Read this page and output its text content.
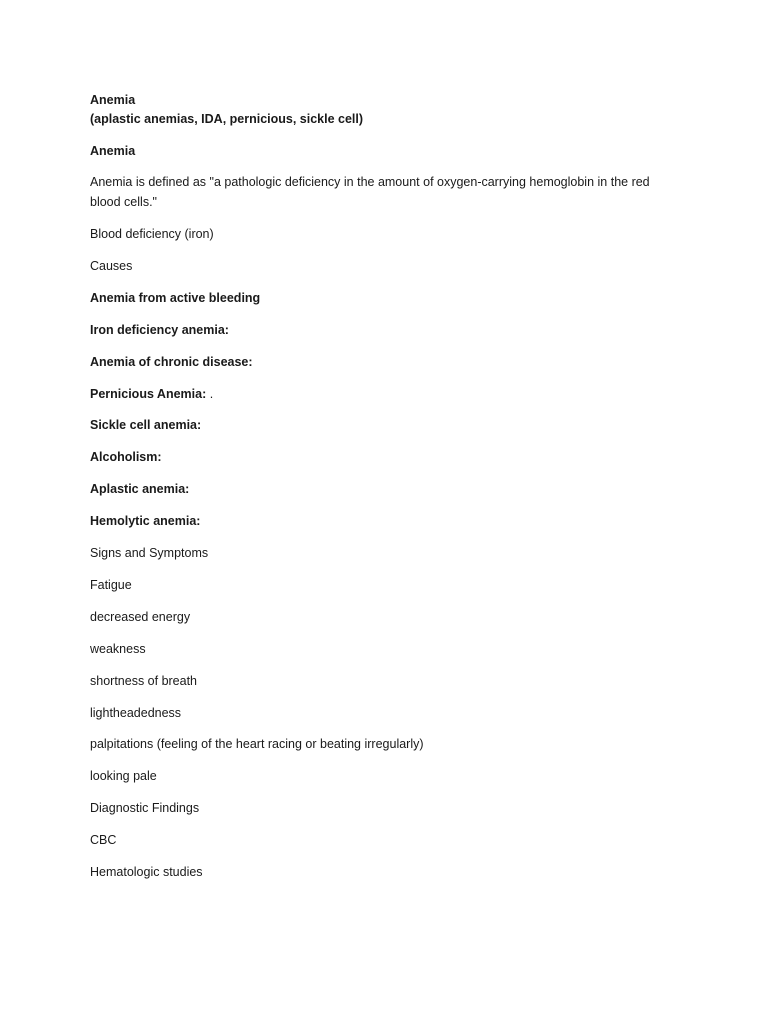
Anemia

(aplastic anemias, IDA, pernicious, sickle cell)

Anemia

Anemia is defined as "a pathologic deficiency in the amount of oxygen-carrying hemoglobin in the red blood cells."

Blood deficiency (iron)

Causes

Anemia from active bleeding

Iron deficiency anemia:

Anemia of chronic disease:

Pernicious Anemia: .

Sickle cell anemia:

Alcoholism:

Aplastic anemia:

Hemolytic anemia:

Signs and Symptoms

Fatigue

decreased energy

weakness

shortness of breath

lightheadedness

palpitations (feeling of the heart racing or beating irregularly)

looking pale

Diagnostic Findings

CBC

Hematologic studies
